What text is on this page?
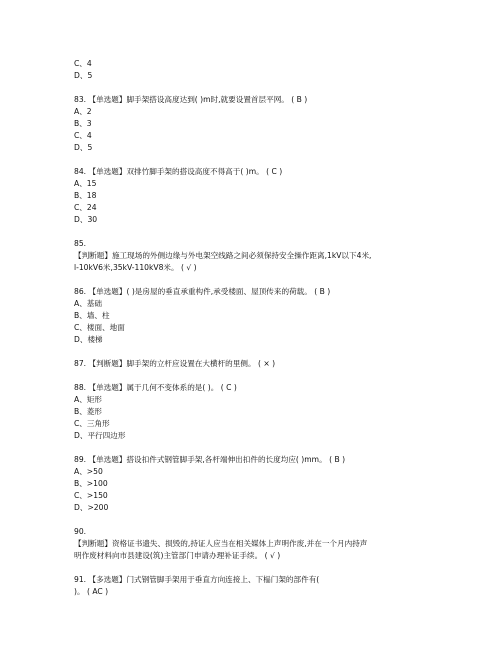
C、4
D、5
83. 【单选题】脚手架搭设高度达到( )m时,就要设置首层平网。 ( B )
A、2
B、3
C、4
D、5
84. 【单选题】双排竹脚手架的搭设高度不得高于( )m。 ( C )
A、15
B、18
C、24
D、30
85.
【判断题】施工现场的外侧边缘与外电架空线路之间必须保持安全操作距离,1kV以下4米,
l-10kV6米,35kV-110kV8米。 ( √ )
86. 【单选题】( )是房屋的垂直承重构件,承受楼面、屋顶传来的荷载。 ( B )
A、基础
B、墙、柱
C、楼面、地面
D、楼梯
87. 【判断题】脚手架的立杆应设置在大横杆的里侧。 ( × )
88. 【单选题】属于几何不变体系的是( )。 ( C )
A、矩形
B、菱形
C、三角形
D、平行四边形
89. 【单选题】搭设扣件式钢管脚手架,各杆端伸出扣件的长度均应( )mm。 ( B )
A、>50
B、>100
C、>150
D、>200
90.
【判断题】资格证书遗失、损毁的,持证人应当在相关媒体上声明作废,并在一个月内持声
明作废材料向市县建设(筑)主管部门申请办理补证手续。 ( √ )
91. 【多选题】门式钢管脚手架用于垂直方向连接上、下榀门架的部件有(
)。 ( AC )
